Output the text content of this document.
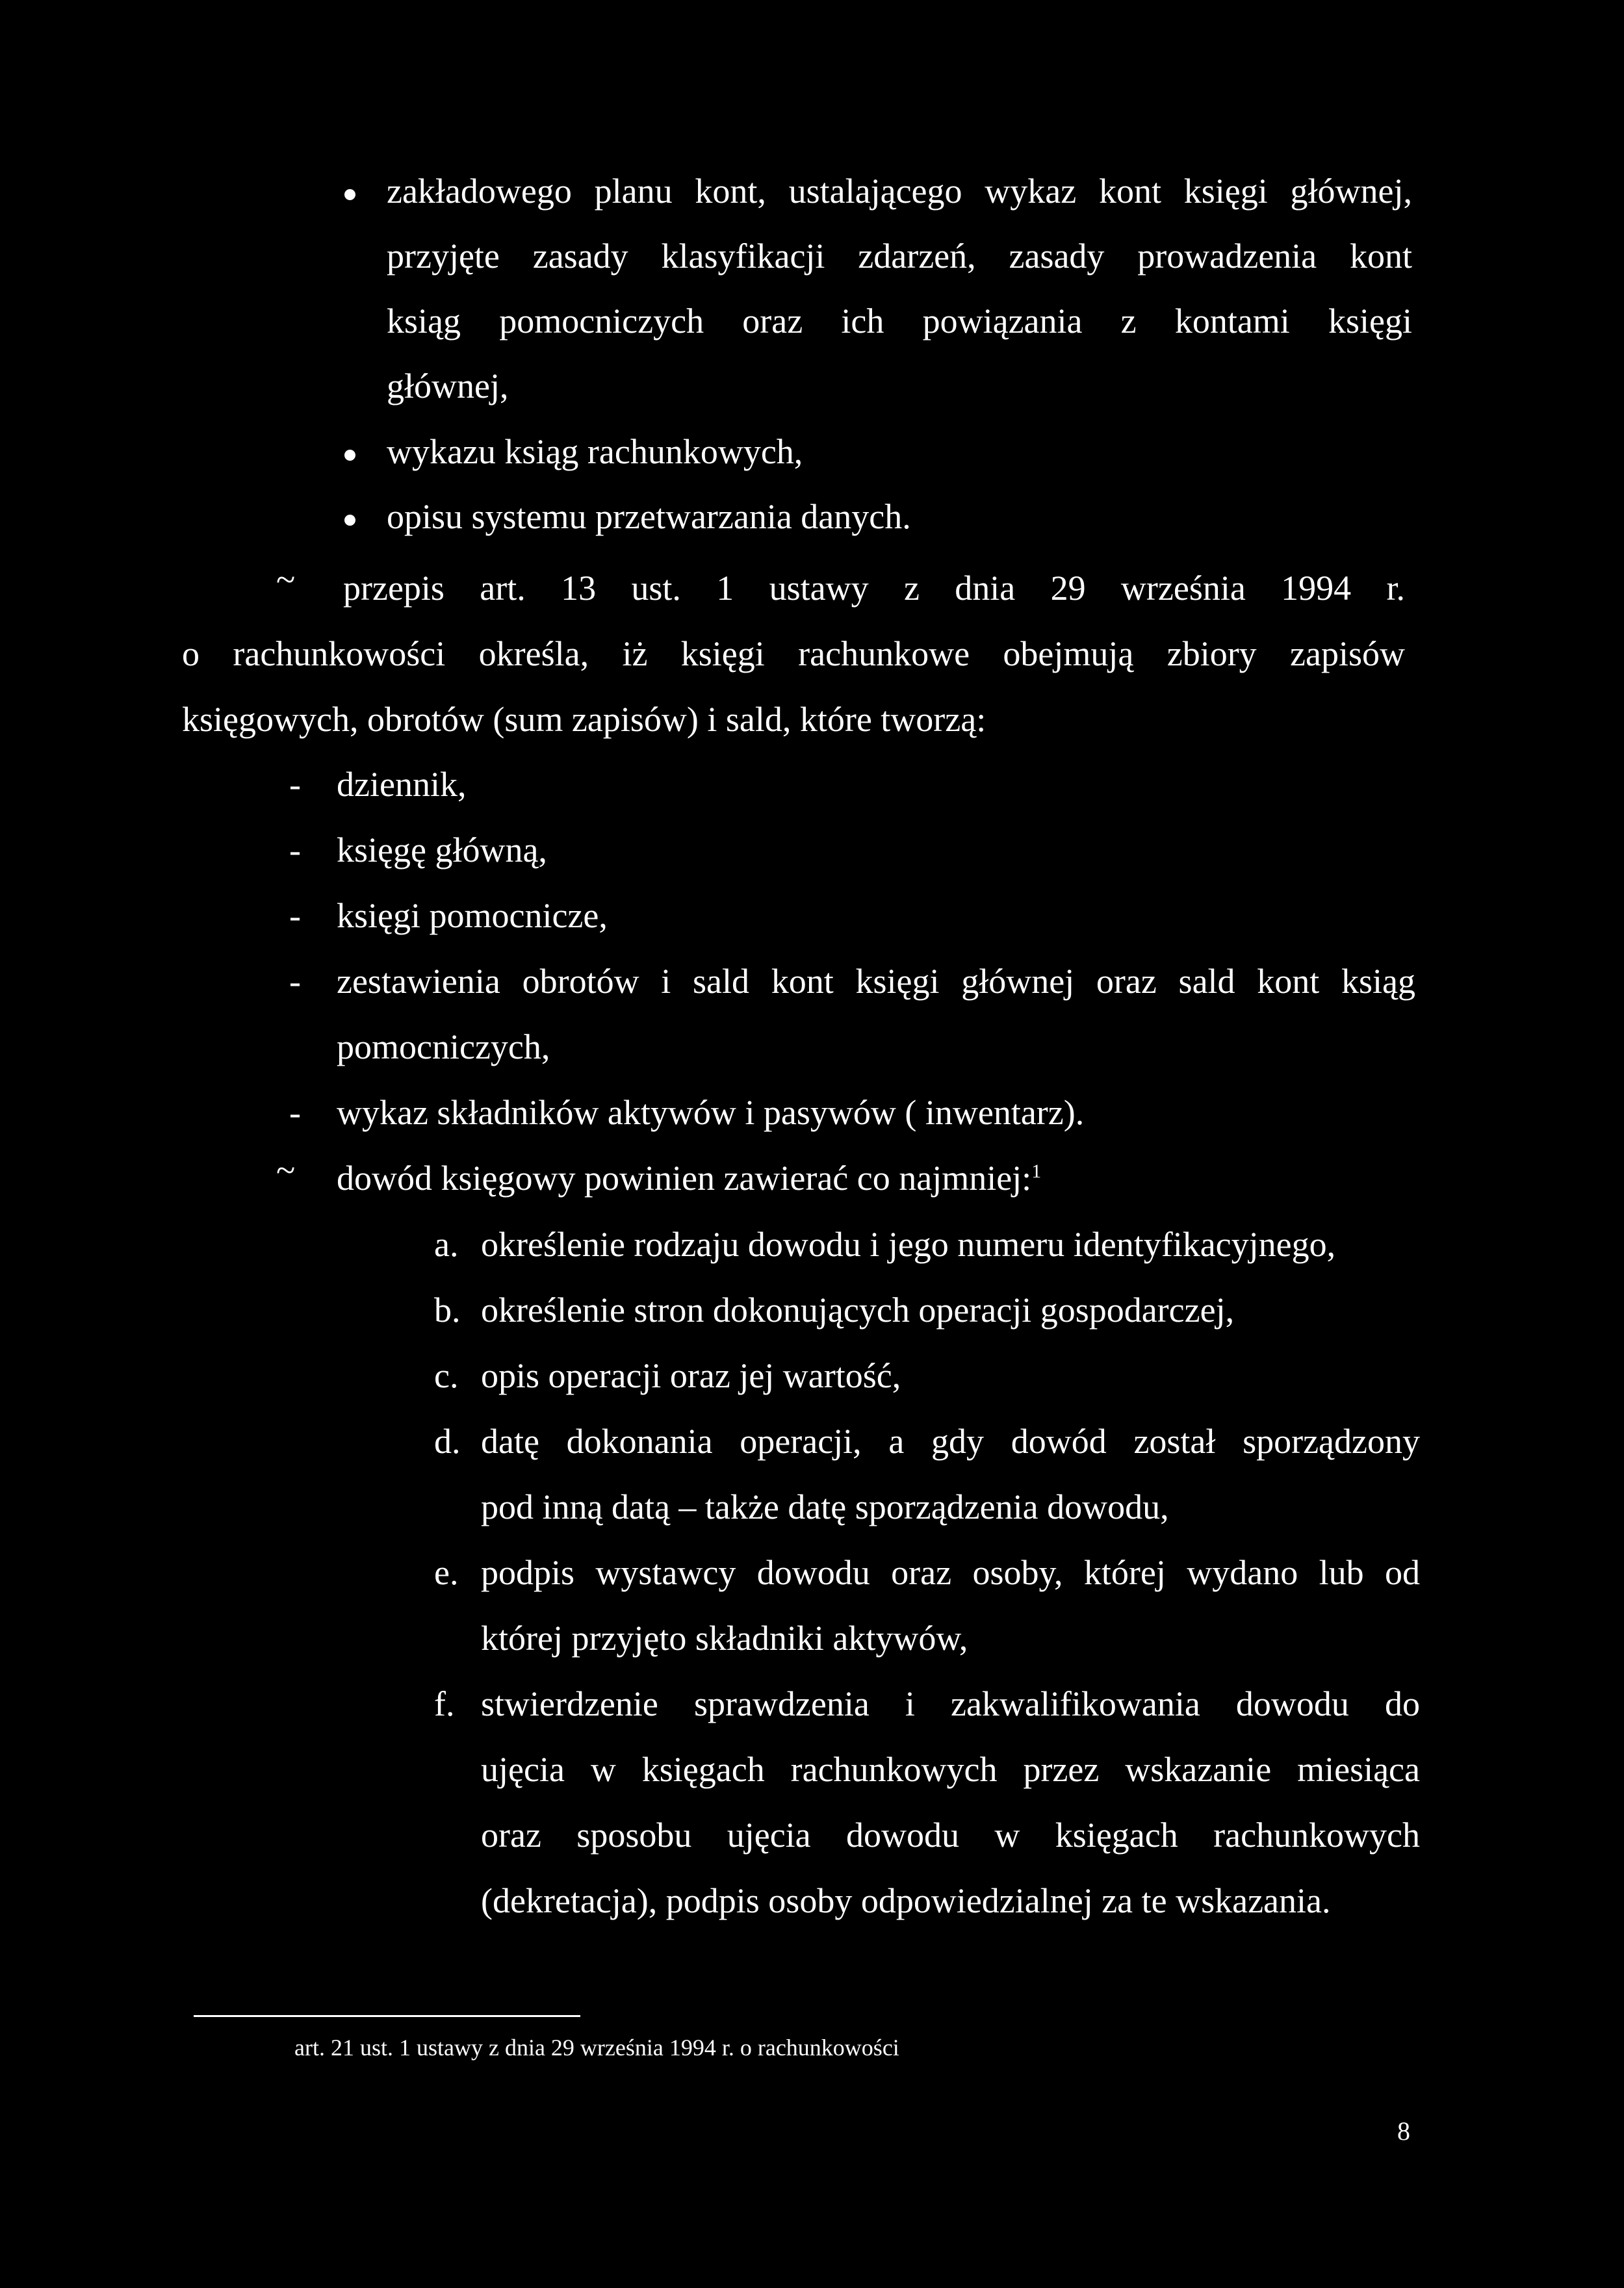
zakładowego planu kont, ustalającego wykaz kont księgi głównej,
przyjęte zasady klasyfikacji zdarzeń, zasady prowadzenia kont
ksiąg pomocniczych oraz ich powiązania z kontami księgi
głównej,
wykazu ksiąg rachunkowych,
opisu systemu przetwarzania danych.
~ przepis art. 13 ust. 1 ustawy z dnia 29 września 1994 r.
o rachunkowości określa, iż księgi rachunkowe obejmują zbiory zapisów
księgowych, obrotów (sum zapisów) i sald, które tworzą:
- dziennik,
- księgę główną,
- księgi pomocnicze,
- zestawienia obrotów i sald kont księgi głównej oraz sald kont ksiąg
pomocniczych,
- wykaz składników aktywów i pasywów ( inwentarz).
~ dowód księgowy powinien zawierać co najmniej:$^1$
a. określenie rodzaju dowodu i jego numeru identyfikacyjnego,
b. określenie stron dokonujących operacji gospodarczej,
c. opis operacji oraz jej wartość,
d. datę dokonania operacji, a gdy dowód został sporządzony
pod inną datą – także datę sporządzenia dowodu,
e. podpis wystawcy dowodu oraz osoby, której wydano lub od
której przyjęto składniki aktywów,
f. stwierdzenie sprawdzenia i zakwalifikowania dowodu do
ujęcia w księgach rachunkowych przez wskazanie miesiąca
oraz sposobu ujęcia dowodu w księgach rachunkowych
(dekretacja), podpis osoby odpowiedzialnej za te wskazania.
art. 21 ust. 1 ustawy z dnia 29 września 1994 r. o rachunkowości
8
